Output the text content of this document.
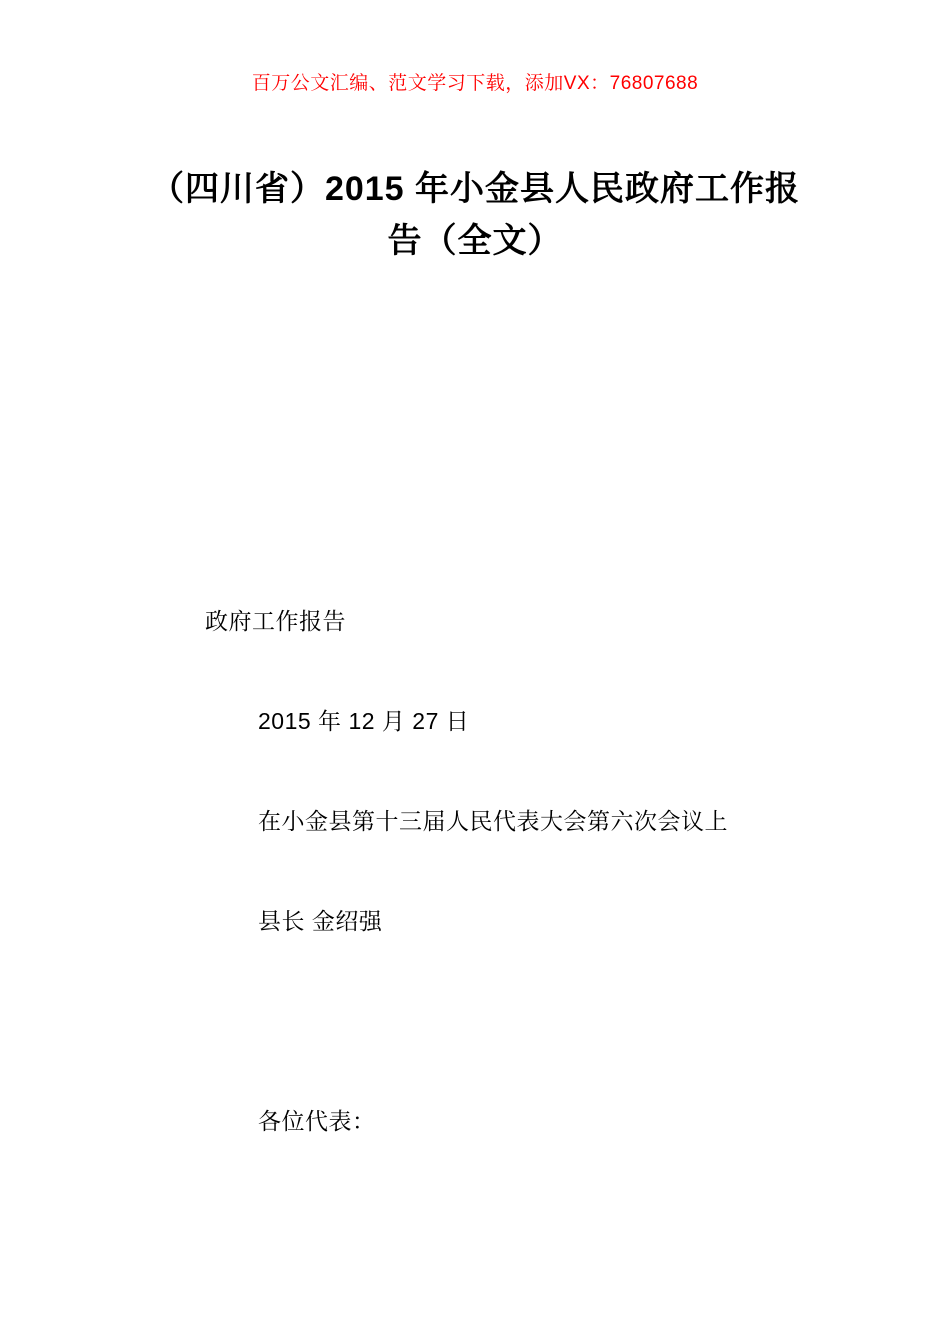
百万公文汇编、范文学习下载，添加VX：76807688
（四川省）2015 年小金县人民政府工作报 告（全文）
政府工作报告
2015 年 12 月 27 日
在小金县第十三届人民代表大会第六次会议上
县长 金绍强
各位代表：
